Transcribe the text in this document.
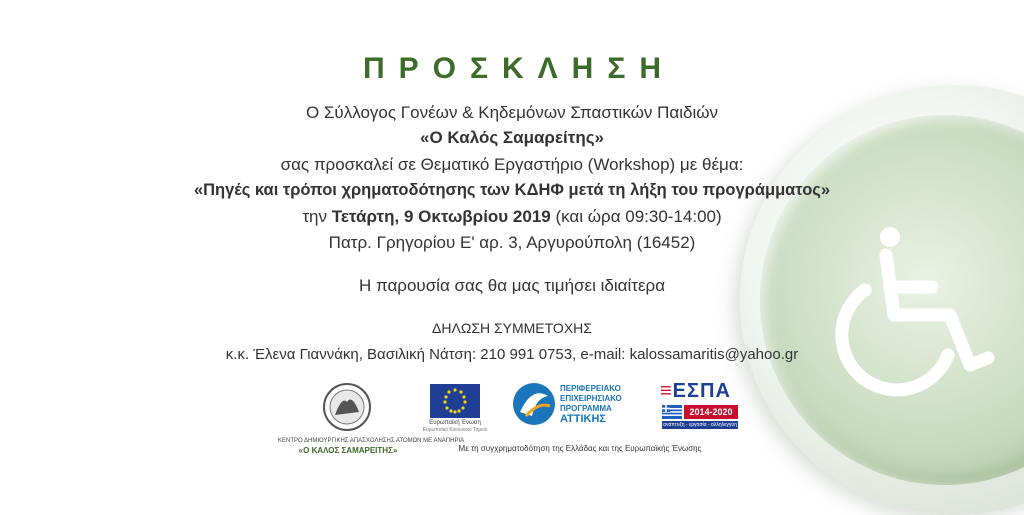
ΠΡΟΣΚΛΗΣΗ
Ο Σύλλογος Γονέων & Κηδεμόνων Σπαστικών Παιδιών
«Ο Καλός Σαμαρείτης»
σας προσκαλεί σε Θεματικό Εργαστήριο (Workshop) με θέμα:
«Πηγές και τρόποι χρηματοδότησης των ΚΔΗΦ μετά τη λήξη του προγράμματος»
την Τετάρτη, 9 Οκτωβρίου 2019 (και ώρα 09:30-14:00)
Πατρ. Γρηγορίου Ε' αρ. 3, Αργυρούπολη (16452)
Η παρουσία σας θα μας τιμήσει ιδιαίτερα
ΔΗΛΩΣΗ ΣΥΜΜΕΤΟΧΗΣ
κ.κ. Έλενα Γιαννάκη, Βασιλική Νάτση: 210 991 0753, e-mail: kalossamaritis@yahoo.gr
ΚΕΝΤΡΟ ΔΗΜΙΟΥΡΓΙΚΗΣ ΑΠΑΣΧΟΛΗΣΗΣ ΑΤΟΜΩΝ ΜΕ ΑΝΑΠΗΡΙΑ
«Ο ΚΑΛΟΣ ΣΑΜΑΡΕΙΤΗΣ»
Ευρωπαϊκή Ένωση
Ευρωπαϊκό Κοινωνικό Ταμείο
ΠΕΡΙΦΕΡΕΙΑΚΟ
ΕΠΙΧΕΙΡΗΣΙΑΚΟ
ΠΡΟΓΡΑΜΜΑ
ΑΤΤΙΚΗΣ
≡ΕΣΠΑ
2014-2020
ανάπτυξη - εργασία - αλληλεγγύη
Με τη συγχρηματοδότηση της Ελλάδας και της Ευρωπαϊκής Ένωσης
